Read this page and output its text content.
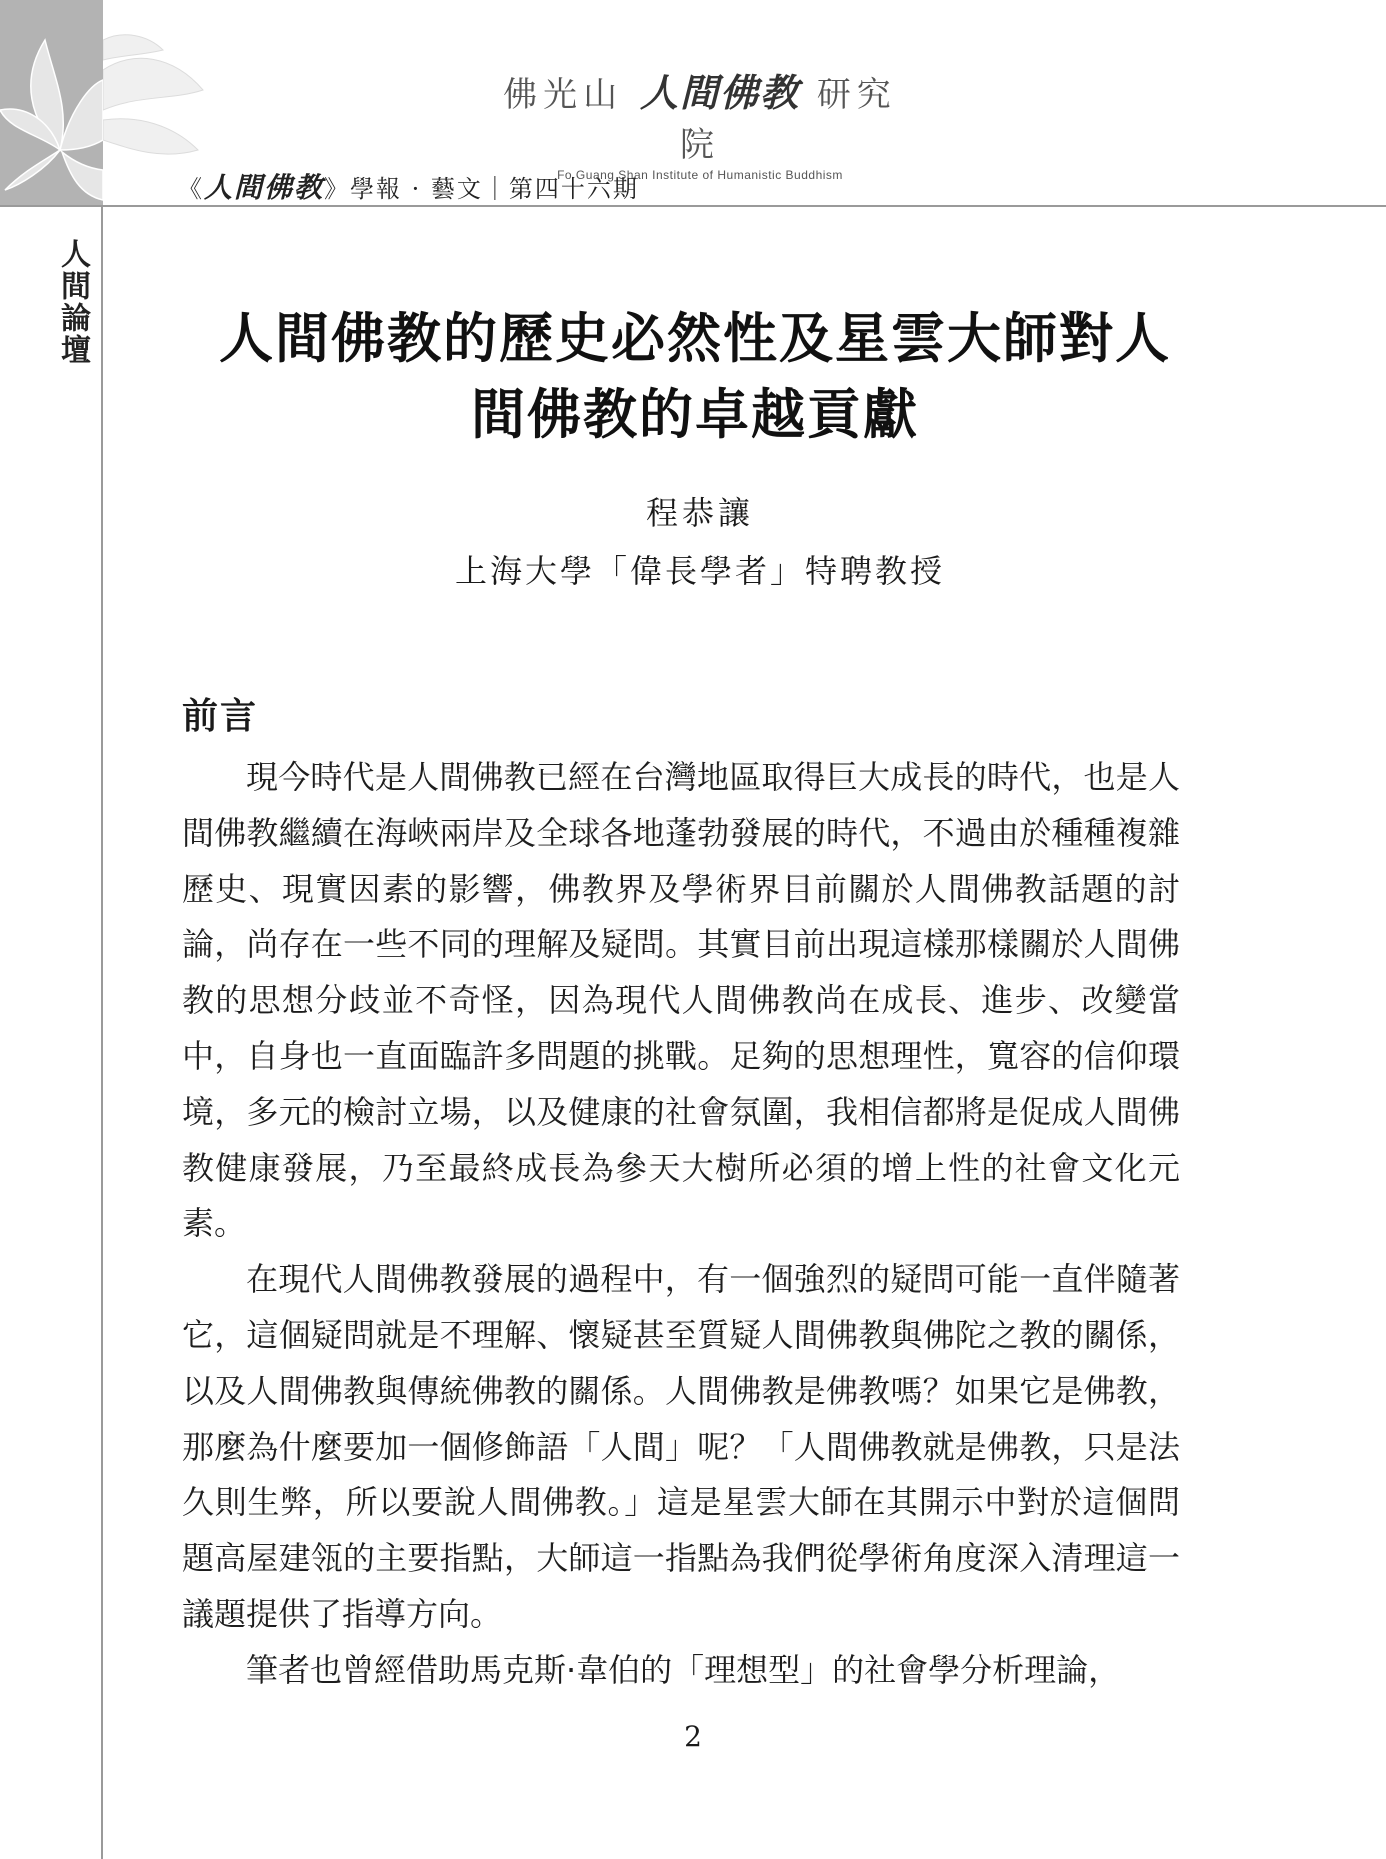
人間論壇
佛光山 人間佛教 研究院
Fo Guang Shan Institute of Humanistic Buddhism
《人間佛教》學報 · 藝文｜第四十六期
人間佛教的歷史必然性及星雲大師對人
間佛教的卓越貢獻
程恭讓
上海大學「偉長學者」特聘教授
前言

現今時代是人間佛教已經在台灣地區取得巨大成長的時代，也是人間佛教繼續在海峽兩岸及全球各地蓬勃發展的時代，不過由於種種複雜歷史、現實因素的影響，佛教界及學術界目前關於人間佛教話題的討論，尚存在一些不同的理解及疑問。其實目前出現這樣那樣關於人間佛教的思想分歧並不奇怪，因為現代人間佛教尚在成長、進步、改變當中，自身也一直面臨許多問題的挑戰。足夠的思想理性，寬容的信仰環境，多元的檢討立場，以及健康的社會氛圍，我相信都將是促成人間佛教健康發展，乃至最終成長為參天大樹所必須的增上性的社會文化元素。

在現代人間佛教發展的過程中，有一個強烈的疑問可能一直伴隨著它，這個疑問就是不理解、懷疑甚至質疑人間佛教與佛陀之教的關係，以及人間佛教與傳統佛教的關係。人間佛教是佛教嗎？如果它是佛教，那麼為什麼要加一個修飾語「人間」呢？「人間佛教就是佛教，只是法久則生弊，所以要說人間佛教。」這是星雲大師在其開示中對於這個問題高屋建瓴的主要指點，大師這一指點為我們從學術角度深入清理這一議題提供了指導方向。

筆者也曾經借助馬克斯·韋伯的「理想型」的社會學分析理論，

2
